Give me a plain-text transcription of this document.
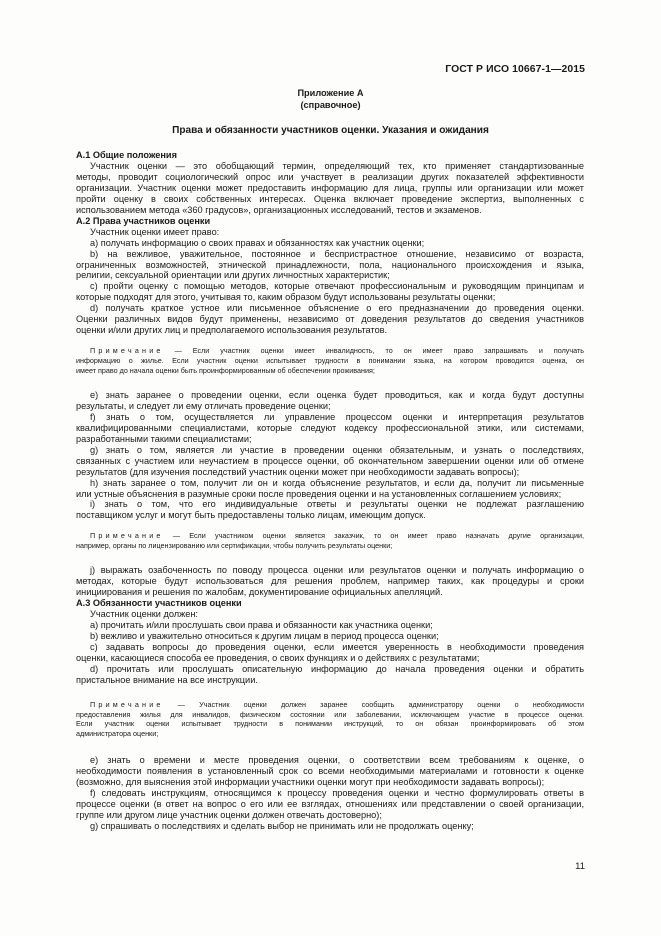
ГОСТ Р ИСО 10667-1—2015
Приложение А
(справочное)
Права и обязанности участников оценки. Указания и ожидания
А.1 Общие положения
Участник оценки — это обобщающий термин, определяющий тех, кто применяет стандартизованные
методы, проводит социологический опрос или участвует в реализации других показателей эффективности
организации. Участник оценки может предоставить информацию для лица, группы или организации или может
пройти оценку в своих собственных интересах. Оценка включает проведение экспертиз, выполненных с
использованием метода «360 градусов», организационных исследований, тестов и экзаменов.
А.2 Права участников оценки
Участник оценки имеет право:
а) получать информацию о своих правах и обязанностях как участник оценки;
b) на вежливое, уважительное, постоянное и беспристрастное отношение, независимо от возраста,
ограниченных возможностей, этнической принадлежности, пола, национального происхождения и языка,
религии, сексуальной ориентации или других личностных характеристик;
c) пройти оценку с помощью методов, которые отвечают профессиональным и руководящим принципам и
которые подходят для этого, учитывая то, каким образом будут использованы результаты оценки;
d) получать краткое устное или письменное объяснение о его предназначении до проведения оценки.
Оценки различных видов будут применены, независимо от доведения результатов до сведения участников
оценки и/или других лиц и предполагаемого использования результатов.
Примечание — Если участник оценки имеет инвалидность, то он имеет право запрашивать и получать
информацию о жилье. Если участник оценки испытывает трудности в понимании языка, на котором проводится оценка, он
имеет право до начала оценки быть проинформированным об обеспечении проживания;
е) знать заранее о проведении оценки, если оценка будет проводиться, как и когда будут доступны
результаты, и следует ли ему отличать проведение оценки;
f) знать о том, осуществляется ли управление процессом оценки и интерпретация результатов
квалифицированными специалистами, которые следуют кодексу профессиональной этики, или системами,
разработанными такими специалистами;
g) знать о том, является ли участие в проведении оценки обязательным, и узнать о последствиях,
связанных с участием или неучастием в процессе оценки, об окончательном завершении оценки или об отмене
результатов (для изучения последствий участник оценки может при необходимости задавать вопросы);
h) знать заранее о том, получит ли он и когда объяснение результатов, и если да, получит ли письменные
или устные объяснения в разумные сроки после проведения оценки и на установленных соглашением условиях;
i) знать о том, что его индивидуальные ответы и результаты оценки не подлежат разглашению
поставщиком услуг и могут быть предоставлены только лицам, имеющим допуск.
Примечание — Если участником оценки является заказчик, то он имеет право назначать другие организации,
например, органы по лицензированию или сертификации, чтобы получить результаты оценки;
j) выражать озабоченность по поводу процесса оценки или результатов оценки и получать информацию о
методах, которые будут использоваться для решения проблем, например таких, как процедуры и сроки
инициирования и решения по жалобам, документирование официальных апелляций.
А.3 Обязанности участников оценки
Участник оценки должен:
а) прочитать и/или прослушать свои права и обязанности как участника оценки;
b) вежливо и уважительно относиться к другим лицам в период процесса оценки;
c) задавать вопросы до проведения оценки, если имеется уверенность в необходимости проведения
оценки, касающиеся способа ее проведения, о своих функциях и о действиях с результатами;
d) прочитать или прослушать описательную информацию до начала проведения оценки и обратить
пристальное внимание на все инструкции.
Примечание — Участник оценки должен заранее сообщить администратору оценки о необходимости
предоставления жилья для инвалидов, физическом состоянии или заболевании, исключающем участие в процессе оценки.
Если участник оценки испытывает трудности в понимании инструкций, то он обязан проинформировать об этом
администратора оценки;
е) знать о времени и месте проведения оценки, о соответствии всем требованиям к оценке, о
необходимости появления в установленный срок со всеми необходимыми материалами и готовности к оценке
(возможно, для выяснения этой информации участники оценки могут при необходимости задавать вопросы);
f) следовать инструкциям, относящимся к процессу проведения оценки и честно формулировать ответы в
процессе оценки (в ответ на вопрос о его или ее взглядах, отношениях или представлении о своей организации,
группе или другом лице участник оценки должен отвечать достоверно);
g) спрашивать о последствиях и сделать выбор не принимать или не продолжать оценку;
11
